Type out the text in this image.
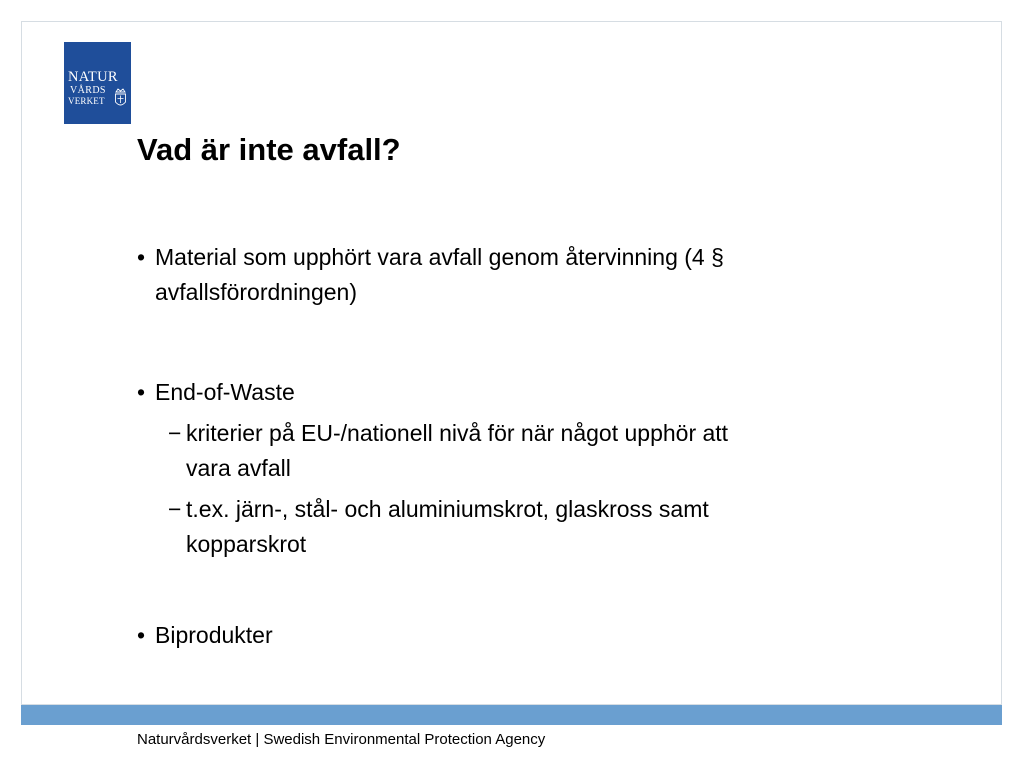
NATUR
VÅRDS
VERKET
Vad är inte avfall?
• Material som upphört vara avfall genom återvinning (4 §
avfallsförordningen)
• End-of-Waste
− kriterier på EU-/nationell nivå för när något upphör att
vara avfall
− t.ex. järn-, stål- och aluminiumskrot, glaskross samt
kopparskrot
• Biprodukter
Naturvårdsverket | Swedish Environmental Protection Agency
